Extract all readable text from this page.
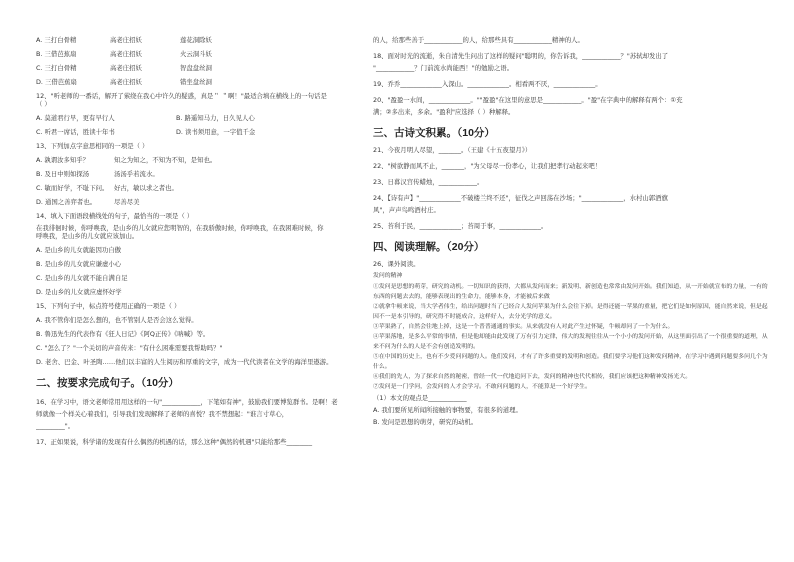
A. 三打白骨精	高老庄招妖	莲花洞除妖
B. 三借芭蕉扇	高老庄招妖	火云洞斗妖
C. 三打白骨精	高老庄招妖	智盘盘丝洞
D. 三借芭蕉扇	高老庄招妖	错坐盘丝洞
12、"听老师的一番话，解开了萦绕在我心中许久的疑惑，真是＂ ＂啊！"最适合填在横线上的一句话是
（ ）
A. 莫道君行早，更有早行人	B. 路遥知马力，日久见人心
C. 听君一席话，胜读十年书	D. 读书须用意，一字值千金
13、下列加点字意思相同的一项是（ ）
A. 孰谓汝多知乎？	知之为知之，不知为不知，是知也。
B. 及日中则如探汤	汤汤乎若流水。
C. 敏而好学，不耻下问。 好古，敏以求之者也。
D. 通国之善弈者也。	尽善尽美
14、填入下面语段横线处的句子，最恰当的一项是（ ）
在我徘徊时候，你呼唤我，是山乡的儿女就应您明智的，在我骄傲时候，你呼唤我，在我困难时候，你
呼唤我，是山乡的儿女就应该加山。
A. 是山乡的儿女就能因功自傲
B. 是山乡的儿女就应谦虚小心
C. 是山乡的儿女就不能自满自足
D. 是山乡的儿女就应虚怀好学
15、下列句子中，标点符号使用正确的一项是（ ）
A. 我不管你们是怎么想的，也不管别人是否会这么觉得。
B. 鲁迅先生的代表作有《狂人日记》《阿Q正传》《呐喊》等。
C. "怎么了？"一个关切的声音传来："有什么困难需要我帮助吗？"
D. 老舍、巴金、叶圣陶……他们以丰富的人生阅历和厚重的文字，成为一代代读者在文学的海洋里遨游。
二、按要求完成句子。（10分）
16、在学习中，语文老师常用用这样的一句"____________，下笔如有神"，鼓励我们要博览群书。是啊！老
师就像一个样关心着我们，引导我们发现解释了老师的喜悦？我不禁想起："谁言寸草心，
_________"。
17、正如果说，科学诸的发现有什么偶然的机遇的话，那么这种"偶然的机遇"只能给那些________
的人，给那些善于____________的人，给那些具有____________精神的人。
18、面对时光的流逝，朱自清先生问出了这样的疑问"聪明的，你告诉我，____________？"苏轼却发出了
"____________？门前流水尚能西！"的勉励之语。
19、乔乔_____________入深山。_____________。相看两不厌，_____________。
20、"盈盈一水间，_____________。""盈盈"在这里的意思是____________。"盈"在字典中的解释有两个：①充
满；②多出来，多余。"盈利"应选择（ ）种解释。
三、古诗文积累。（10分）
21、今夜月明人尽望，_______。（王建《十五夜望月》）
22、"树欲静而风不止，_______，"为父母尽一份孝心，让我们把孝行动起来吧！
23、日暮汉宫传蜡烛，____________。
24、【诗有声】"_____________不破楼兰终不还"，征伐之声回荡在沙场；"_____________，水村山郭酒旗
风"，声声鸟鸣酒村庄。
25、苔利于民，_____________；苔周于事，_____________。
四、阅读理解。（20分）
26、课外阅读。
发问的精神
①发问是思想的萌芽，研究的动机。一切知识的获得，大都从发问而来；新发明、新创造也常常由发问开始。我们知道，从一开始就宣布的力量，一有的东西的问题去去的，能够表现出的生命力，能够本身，才能被后来做
②就拿牛顿来说，当大学者伟生，给出问题时当了已经合人发问苹果为什么会往下掉。是得还能一苹果的重量，把它们是如何原因，能自然来说，但是起因不一是本引导的，研究得不时能成合，这样好人，去分光学的意义。
③苹果熟了，自然会往地上掉，这是一个普普通通的事实。从来就没有人对此产生过怀疑，牛顿却问了一个为什么。
④苹果落地，是多么平常的事情，但是他却能由此发现了万有引力定律，伟大的发现往往从一个小小的发问开始，从这里面引出了一个很重要的道理，从来不问为什么的人是不会有创造发明的。
⑤在中国的历史上，也有不少爱问问题的人。他们发问，才有了许多重要的发明和创造。我们要学习他们这种发问精神，在学习中遇到问题要多问几个为什么。
⑥我们的先人，为了探求自然的秘密，曾经一代一代地追问下去，发问的精神也代代相传，我们应该把这种精神发扬光大。
⑦发问是一门学问，会发问的人才会学习。不敢问问题的人，不能算是一个好学生。
（1）本文的观点是____________
A. 我们要所见所闻所接触的事物要，有很多的道理。
B. 发问是思想的萌芽，研究的动机。
